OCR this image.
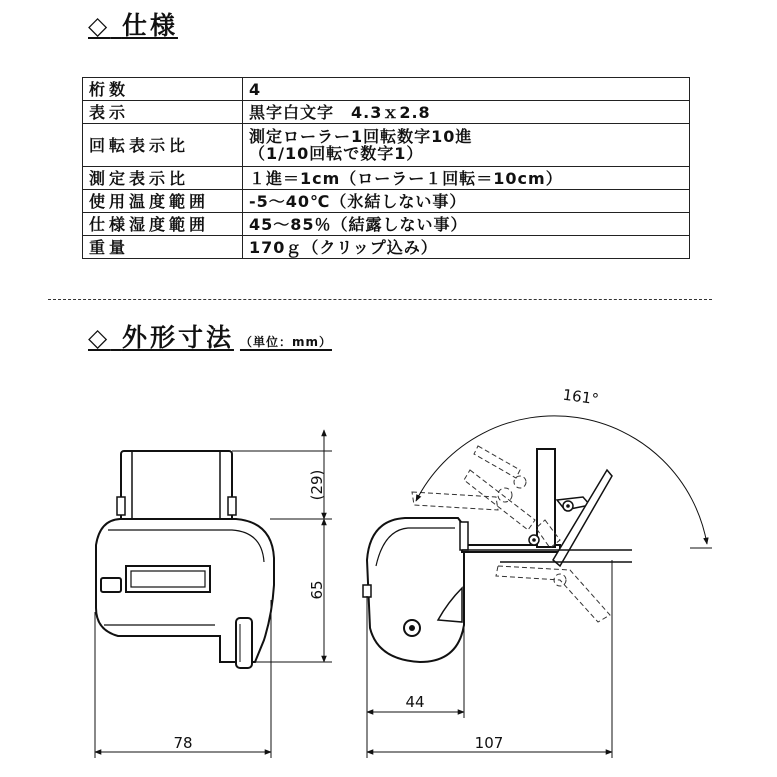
◇ 仕様
桁数	4
表示	黒字白文字　4.3ｘ2.8
回転表示比	測定ローラー1回転数字10進
（1/10回転で数字1）

測定表示比	１進＝1cm（ローラー１回転＝10cm）
使用温度範囲	-5～40℃（氷結しない事）
仕様湿度範囲	45～85％（結露しない事）
重量	170ｇ（クリップ込み）
◇ 外形寸法 （単位：mm）
(29)
65
78
44
107
161°
